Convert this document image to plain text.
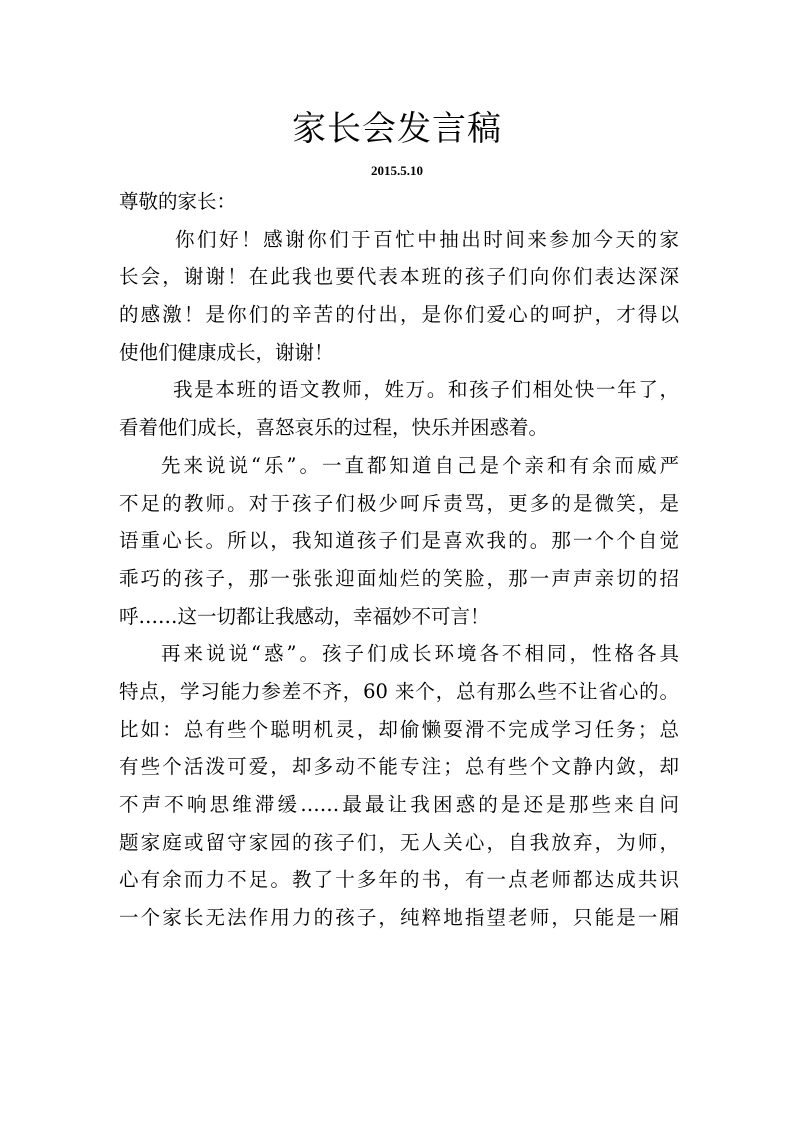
家长会发言稿
2015.5.10
尊敬的家长：
你们好！感谢你们于百忙中抽出时间来参加今天的家
长会，谢谢！在此我也要代表本班的孩子们向你们表达深深
的感激！是你们的辛苦的付出，是你们爱心的呵护，才得以
使他们健康成长，谢谢！
我是本班的语文教师，姓万。和孩子们相处快一年了，
看着他们成长，喜怒哀乐的过程，快乐并困惑着。
先来说说“乐”。一直都知道自己是个亲和有余而威严
不足的教师。对于孩子们极少呵斥责骂，更多的是微笑，是
语重心长。所以，我知道孩子们是喜欢我的。那一个个自觉
乖巧的孩子，那一张张迎面灿烂的笑脸，那一声声亲切的招
呼……这一切都让我感动，幸福妙不可言！
再来说说“惑”。孩子们成长环境各不相同，性格各具
特点，学习能力参差不齐，60 来个，总有那么些不让省心的。
比如：总有些个聪明机灵，却偷懒耍滑不完成学习任务；总
有些个活泼可爱，却多动不能专注；总有些个文静内敛，却
不声不响思维滞缓……最最让我困惑的是还是那些来自问
题家庭或留守家园的孩子们，无人关心，自我放弃，为师，
心有余而力不足。教了十多年的书，有一点老师都达成共识
一个家长无法作用力的孩子，纯粹地指望老师，只能是一厢
